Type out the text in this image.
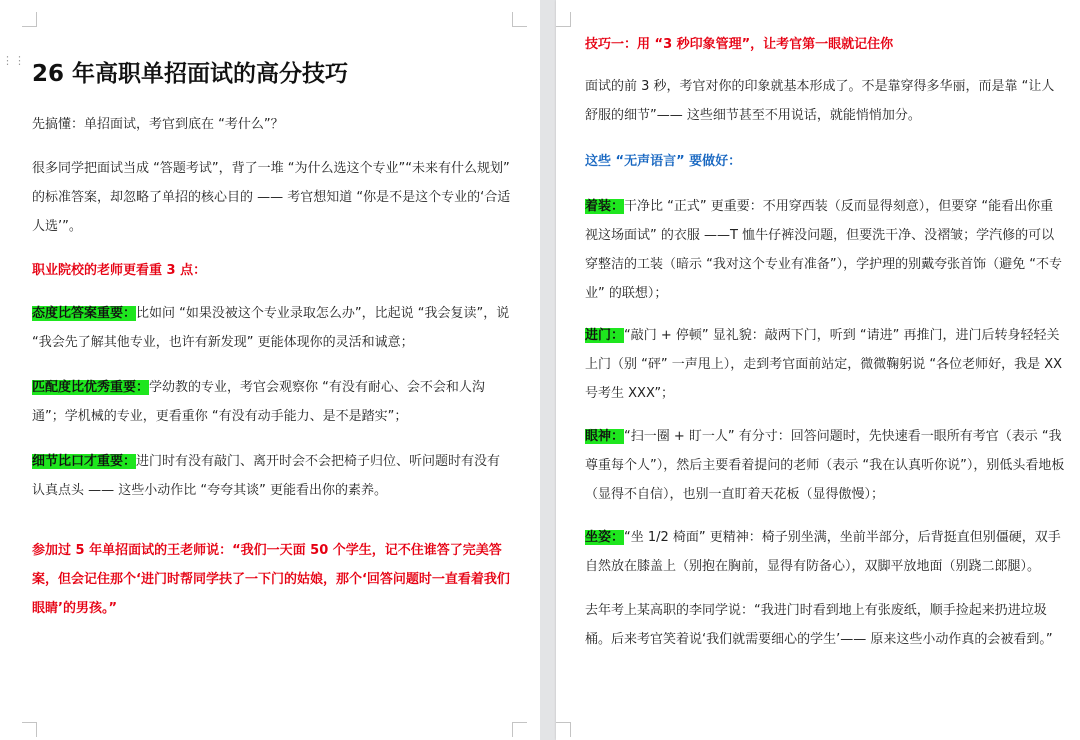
⋮⋮
26 年高职单招面试的高分技巧

先搞懂：单招面试，考官到底在 “考什么”？

很多同学把面试当成 “答题考试”，背了一堆 “为什么选这个专业”“未来有什么规划” 的标准答案，却忽略了单招的核心目的 —— 考官想知道 “你是不是这个专业的‘合适人选’”。

职业院校的老师更看重 3 点：

态度比答案重要：比如问 “如果没被这个专业录取怎么办”，比起说 “我会复读”，说 “我会先了解其他专业，也许有新发现” 更能体现你的灵活和诚意；

匹配度比优秀重要：学幼教的专业，考官会观察你 “有没有耐心、会不会和人沟通”；学机械的专业，更看重你 “有没有动手能力、是不是踏实”；

细节比口才重要：进门时有没有敲门、离开时会不会把椅子归位、听问题时有没有认真点头 —— 这些小动作比 “夸夸其谈” 更能看出你的素养。

参加过 5 年单招面试的王老师说：“我们一天面 50 个学生，记不住谁答了完美答案，但会记住那个‘进门时帮同学扶了一下门的姑娘，那个‘回答问题时一直看着我们眼睛’的男孩。”

技巧一：用 “3 秒印象管理”，让考官第一眼就记住你

面试的前 3 秒，考官对你的印象就基本形成了。不是靠穿得多华丽，而是靠 “让人舒服的细节”—— 这些细节甚至不用说话，就能悄悄加分。

这些 “无声语言” 要做好：

着装：干净比 “正式” 更重要：不用穿西装（反而显得刻意），但要穿 “能看出你重视这场面试” 的衣服 ——T 恤牛仔裤没问题，但要洗干净、没褶皱；学汽修的可以穿整洁的工装（暗示 “我对这个专业有准备”），学护理的别戴夸张首饰（避免 “不专业” 的联想）；

进门：“敲门 + 停顿” 显礼貌：敲两下门，听到 “请进” 再推门，进门后转身轻轻关上门（别 “砰” 一声甩上），走到考官面前站定，微微鞠躬说 “各位老师好，我是 XX 号考生 XXX”；

眼神：“扫一圈 + 盯一人” 有分寸：回答问题时，先快速看一眼所有考官（表示 “我尊重每个人”），然后主要看着提问的老师（表示 “我在认真听你说”），别低头看地板（显得不自信），也别一直盯着天花板（显得傲慢）；

坐姿：“坐 1/2 椅面” 更精神：椅子别坐满，坐前半部分，后背挺直但别僵硬，双手自然放在膝盖上（别抱在胸前，显得有防备心），双脚平放地面（别跷二郎腿）。

去年考上某高职的李同学说：“我进门时看到地上有张废纸，顺手捡起来扔进垃圾桶。后来考官笑着说‘我们就需要细心的学生’—— 原来这些小动作真的会被看到。”
